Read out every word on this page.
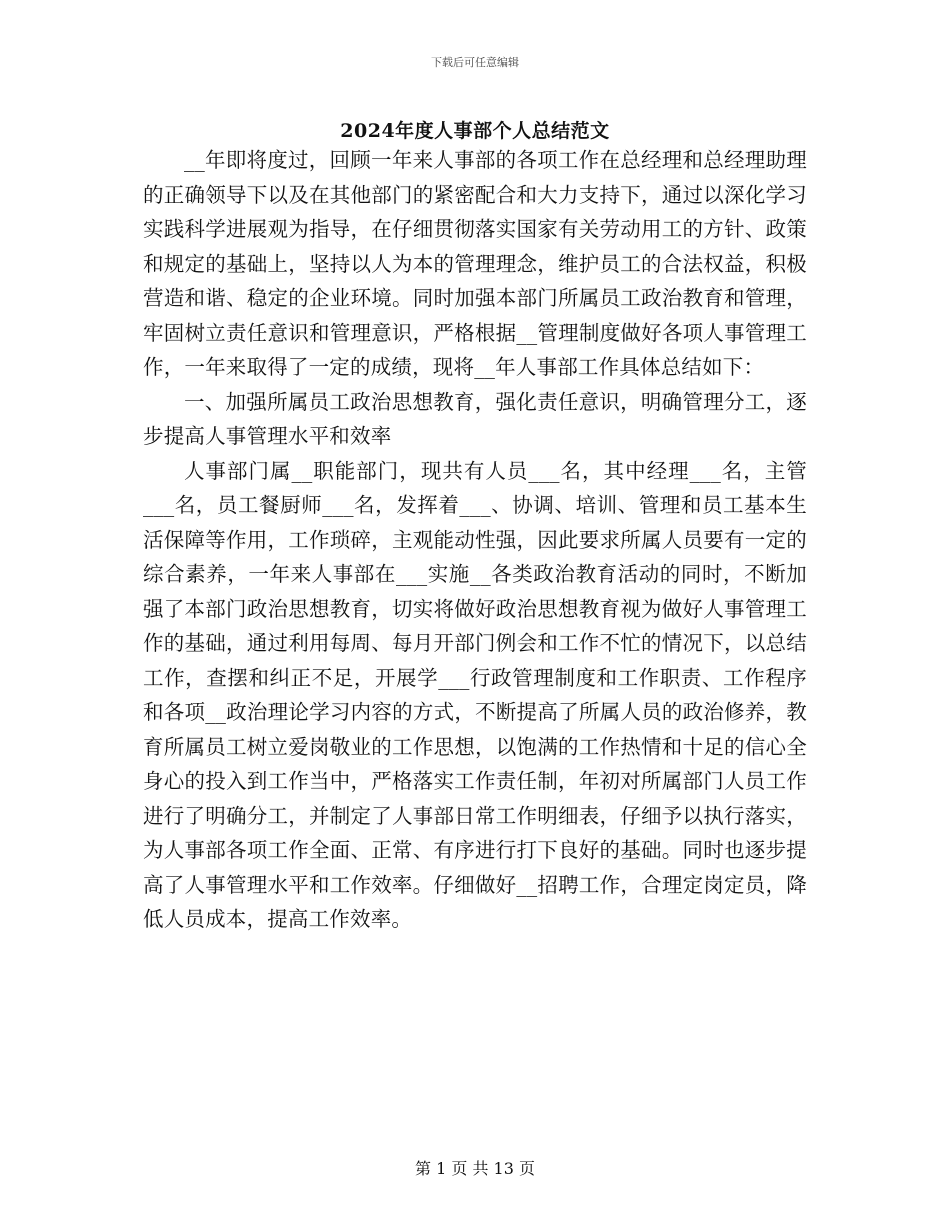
下载后可任意编辑
2024年度人事部个人总结范文

__年即将度过，回顾一年来人事部的各项工作在总经理和总经理助理的正确领导下以及在其他部门的紧密配合和大力支持下，通过以深化学习实践科学进展观为指导，在仔细贯彻落实国家有关劳动用工的方针、政策和规定的基础上，坚持以人为本的管理理念，维护员工的合法权益，积极营造和谐、稳定的企业环境。同时加强本部门所属员工政治教育和管理，牢固树立责任意识和管理意识，严格根据__管理制度做好各项人事管理工作，一年来取得了一定的成绩，现将__年人事部工作具体总结如下：

一、加强所属员工政治思想教育，强化责任意识，明确管理分工，逐步提高人事管理水平和效率

人事部门属__职能部门，现共有人员___名，其中经理___名，主管___名，员工餐厨师___名，发挥着___、协调、培训、管理和员工基本生活保障等作用，工作琐碎，主观能动性强，因此要求所属人员要有一定的综合素养，一年来人事部在___实施__各类政治教育活动的同时，不断加强了本部门政治思想教育，切实将做好政治思想教育视为做好人事管理工作的基础，通过利用每周、每月开部门例会和工作不忙的情况下，以总结工作，查摆和纠正不足，开展学___行政管理制度和工作职责、工作程序和各项__政治理论学习内容的方式，不断提高了所属人员的政治修养，教育所属员工树立爱岗敬业的工作思想，以饱满的工作热情和十足的信心全身心的投入到工作当中，严格落实工作责任制，年初对所属部门人员工作进行了明确分工，并制定了人事部日常工作明细表，仔细予以执行落实，为人事部各项工作全面、正常、有序进行打下良好的基础。同时也逐步提高了人事管理水平和工作效率。仔细做好__招聘工作，合理定岗定员，降低人员成本，提高工作效率。

第 1 页 共 13 页
